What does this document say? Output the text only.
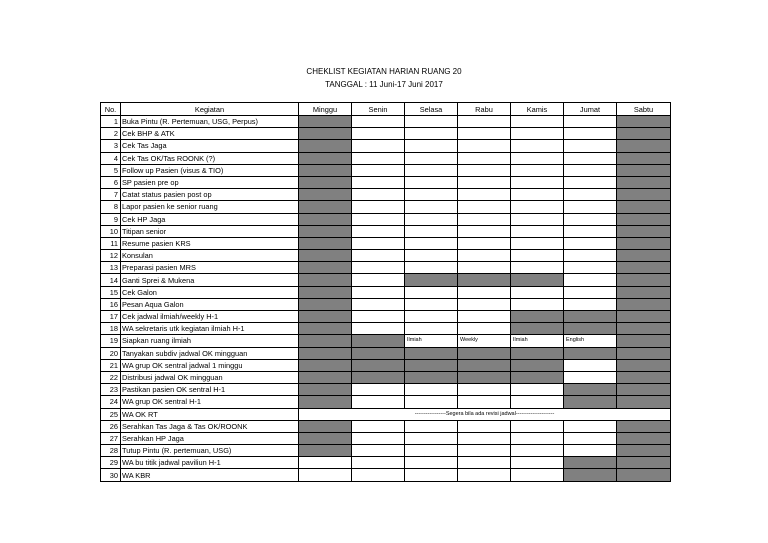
CHEKLIST KEGIATAN HARIAN RUANG 20
TANGGAL : 11 Juni-17 Juni 2017
No.	Kegiatan	Minggu	Senin	Selasa	Rabu	Kamis	Jumat	Sabtu
1	Buka Pintu (R. Pertemuan, USG, Perpus)							
2	Cek BHP & ATK							
3	Cek Tas Jaga							
4	Cek Tas OK/Tas ROONK (?)							
5	Follow up Pasien (visus & TIO)							
6	SP pasien pre op							
7	Catat status pasien post op							
8	Lapor pasien ke senior ruang							
9	Cek HP Jaga							
10	Titipan senior							
11	Resume pasien KRS							
12	Konsulan							
13	Preparasi pasien MRS							
14	Ganti Sprei & Mukena							
15	Cek Galon							
16	Pesan Aqua Galon							
17	Cek jadwal ilmiah/weekly H-1							
18	WA sekretaris utk kegiatan ilmiah H-1							
19	Siapkan ruang ilmiah			Ilmiah	Weekly	Ilmiah	English	
20	Tanyakan subdiv jadwal OK mingguan							
21	WA grup OK sentral jadwal 1 minggu							
22	Distribusi jadwal OK mingguan							
23	Pastikan pasien OK sentral H-1							
24	WA grup OK sentral H-1							
25	WA OK RT	-----------------Segera bila ada revisi jadwal---------------------						
26	Serahkan Tas Jaga & Tas OK/ROONK							
27	Serahkan HP Jaga							
28	Tutup Pintu (R. pertemuan, USG)							
29	WA bu titik jadwal paviliun H-1							
30	WA KBR							
